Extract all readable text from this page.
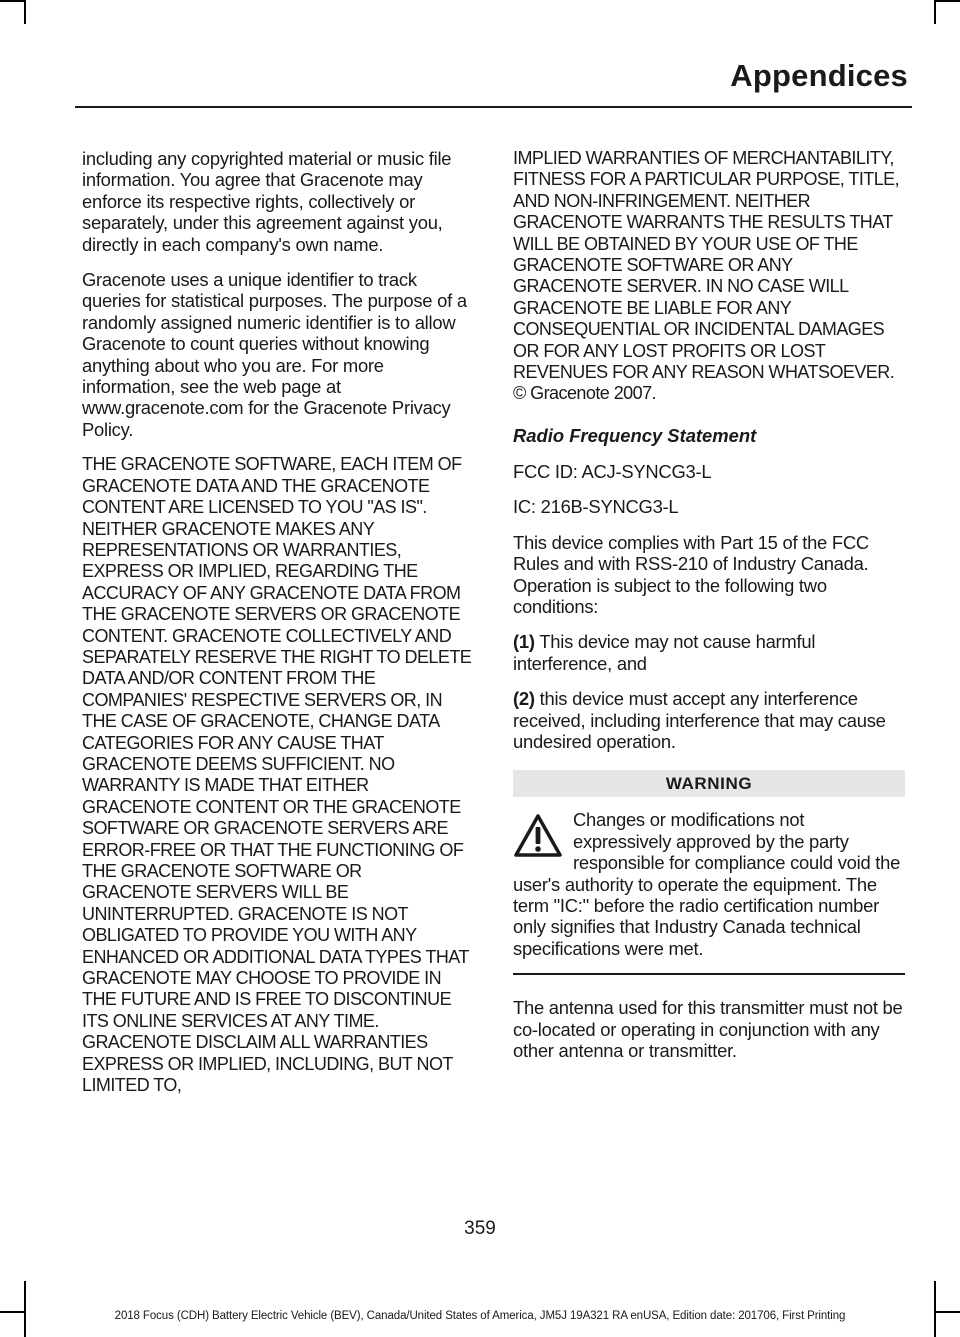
Appendices

including any copyrighted material or music file information. You agree that Gracenote may enforce its respective rights, collectively or separately, under this agreement against you, directly in each company's own name.

Gracenote uses a unique identifier to track queries for statistical purposes. The purpose of a randomly assigned numeric identifier is to allow Gracenote to count queries without knowing anything about who you are. For more information, see the web page at www.gracenote.com for the Gracenote Privacy Policy.

THE GRACENOTE SOFTWARE, EACH ITEM OF GRACENOTE DATA AND THE GRACENOTE CONTENT ARE LICENSED TO YOU "AS IS". NEITHER GRACENOTE MAKES ANY REPRESENTATIONS OR WARRANTIES, EXPRESS OR IMPLIED, REGARDING THE ACCURACY OF ANY GRACENOTE DATA FROM THE GRACENOTE SERVERS OR GRACENOTE CONTENT. GRACENOTE COLLECTIVELY AND SEPARATELY RESERVE THE RIGHT TO DELETE DATA AND/OR CONTENT FROM THE COMPANIES' RESPECTIVE SERVERS OR, IN THE CASE OF GRACENOTE, CHANGE DATA CATEGORIES FOR ANY CAUSE THAT GRACENOTE DEEMS SUFFICIENT. NO WARRANTY IS MADE THAT EITHER GRACENOTE CONTENT OR THE GRACENOTE SOFTWARE OR GRACENOTE SERVERS ARE ERROR-FREE OR THAT THE FUNCTIONING OF THE GRACENOTE SOFTWARE OR GRACENOTE SERVERS WILL BE UNINTERRUPTED. GRACENOTE IS NOT OBLIGATED TO PROVIDE YOU WITH ANY ENHANCED OR ADDITIONAL DATA TYPES THAT GRACENOTE MAY CHOOSE TO PROVIDE IN THE FUTURE AND IS FREE TO DISCONTINUE ITS ONLINE SERVICES AT ANY TIME. GRACENOTE DISCLAIM ALL WARRANTIES EXPRESS OR IMPLIED, INCLUDING, BUT NOT LIMITED TO,

IMPLIED WARRANTIES OF MERCHANTABILITY, FITNESS FOR A PARTICULAR PURPOSE, TITLE, AND NON-INFRINGEMENT. NEITHER GRACENOTE WARRANTS THE RESULTS THAT WILL BE OBTAINED BY YOUR USE OF THE GRACENOTE SOFTWARE OR ANY GRACENOTE SERVER. IN NO CASE WILL GRACENOTE BE LIABLE FOR ANY CONSEQUENTIAL OR INCIDENTAL DAMAGES OR FOR ANY LOST PROFITS OR LOST REVENUES FOR ANY REASON WHATSOEVER. © Gracenote 2007.

Radio Frequency Statement

FCC ID: ACJ-SYNCG3-L

IC: 216B-SYNCG3-L

This device complies with Part 15 of the FCC Rules and with RSS-210 of Industry Canada. Operation is subject to the following two conditions:

(1) This device may not cause harmful interference, and

(2) this device must accept any interference received, including interference that may cause undesired operation.

WARNING
Changes or modifications not expressively approved by the party responsible for compliance could void the user's authority to operate the equipment. The term "IC:" before the radio certification number only signifies that Industry Canada technical specifications were met.

The antenna used for this transmitter must not be co-located or operating in conjunction with any other antenna or transmitter.

359
2018 Focus (CDH) Battery Electric Vehicle (BEV), Canada/United States of America, JM5J 19A321 RA enUSA, Edition date: 201706, First Printing
